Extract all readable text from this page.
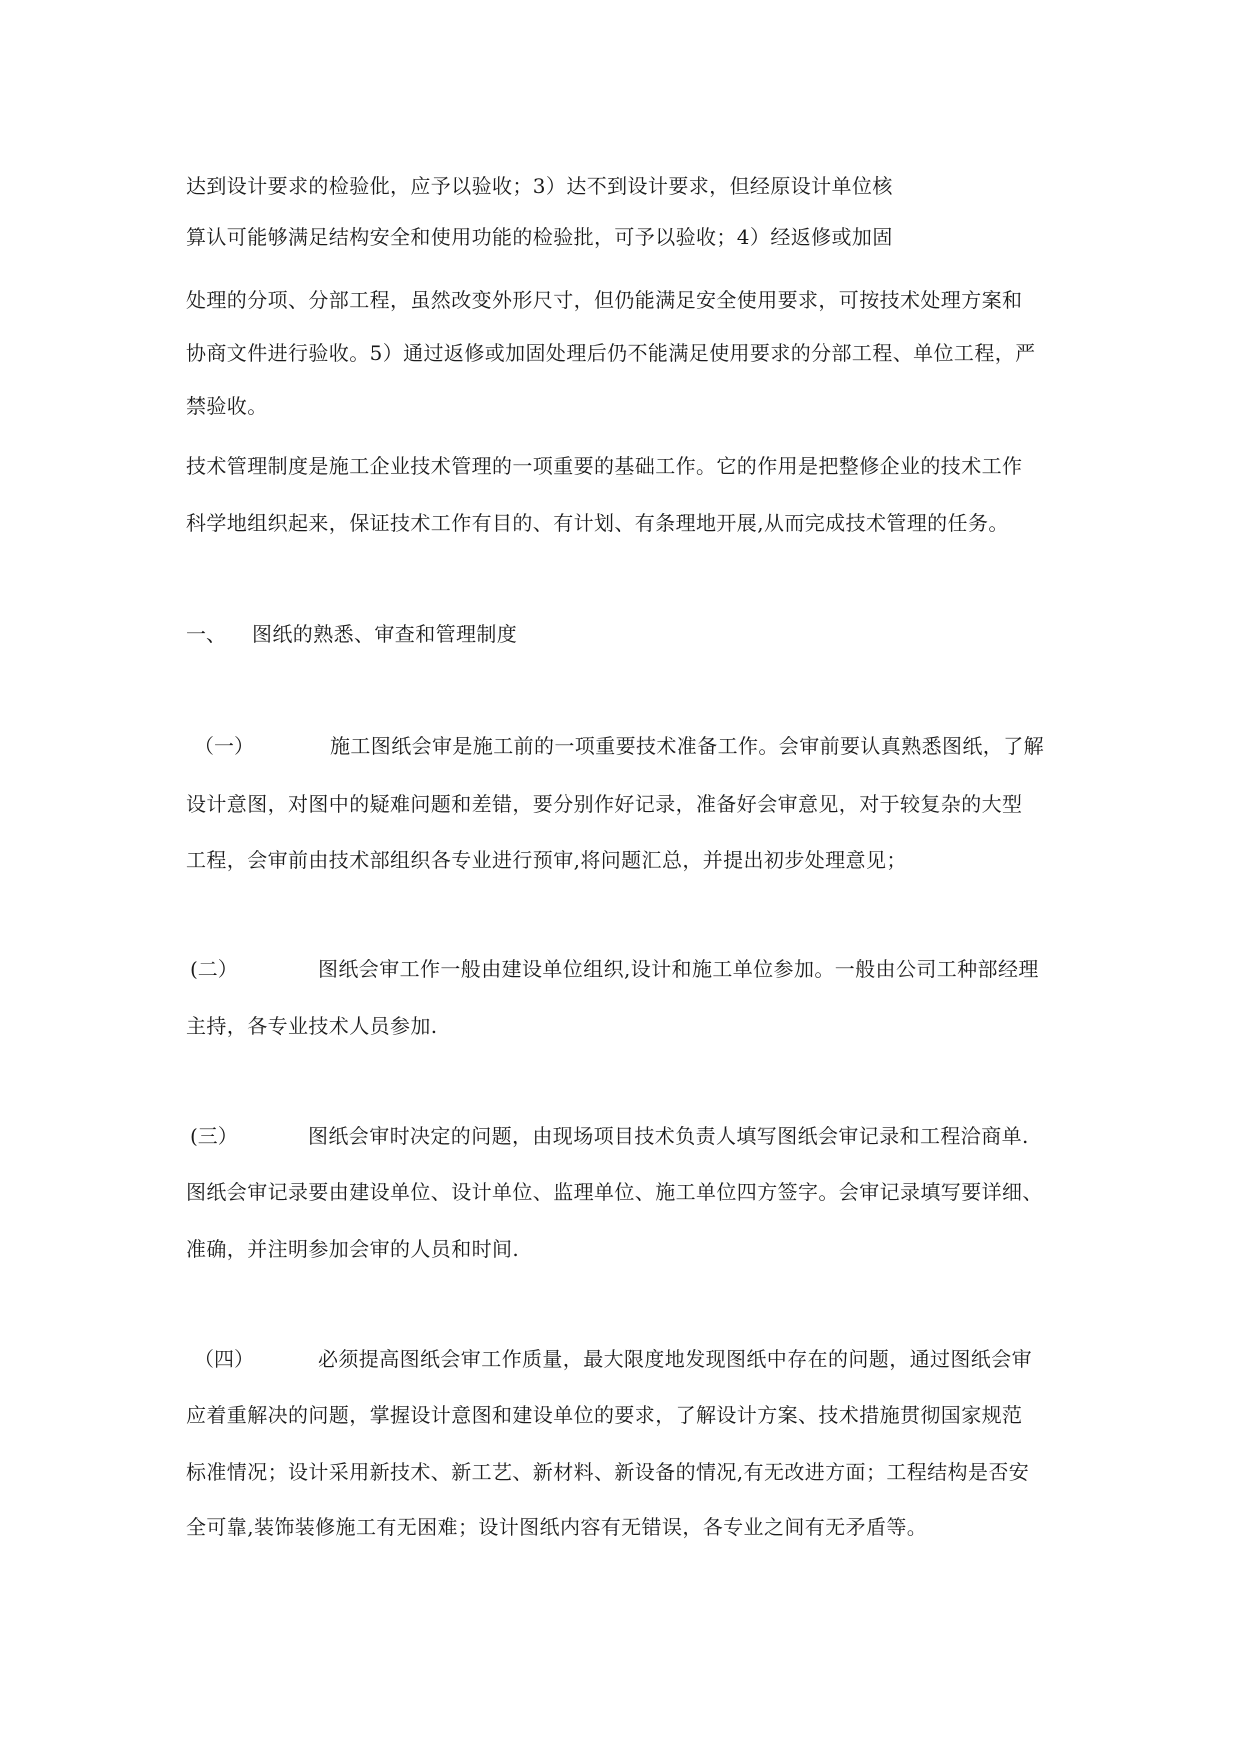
达到设计要求的检验仳，应予以验收；3）达不到设计要求，但经原设计单位核
算认可能够满足结构安全和使用功能的检验批，可予以验收；4）经返修或加固
处理的分项、分部工程，虽然改变外形尺寸，但仍能满足安全使用要求，可按技术处理方案和
协商文件进行验收。5）通过返修或加固处理后仍不能满足使用要求的分部工程、单位工程，严
禁验收。
技术管理制度是施工企业技术管理的一项重要的基础工作。它的作用是把整修企业的技术工作
科学地组织起来，保证技术工作有目的、有计划、有条理地开展,从而完成技术管理的任务。
一、 图纸的熟悉、审查和管理制度
（一）	施工图纸会审是施工前的一项重要技术准备工作。会审前要认真熟悉图纸，了解
设计意图，对图中的疑难问题和差错，要分别作好记录，准备好会审意见，对于较复杂的大型
工程，会审前由技术部组织各专业进行预审,将问题汇总，并提出初步处理意见；
(二）	图纸会审工作一般由建设单位组织,设计和施工单位参加。一般由公司工种部经理
主持，各专业技术人员参加.
(三）	图纸会审时决定的问题，由现场项目技术负责人填写图纸会审记录和工程洽商单.
图纸会审记录要由建设单位、设计单位、监理单位、施工单位四方签字。会审记录填写要详细、
准确，并注明参加会审的人员和时间.
（四）	必须提高图纸会审工作质量，最大限度地发现图纸中存在的问题，通过图纸会审
应着重解决的问题，掌握设计意图和建设单位的要求，了解设计方案、技术措施贯彻国家规范
标准情况；设计采用新技术、新工艺、新材料、新设备的情况,有无改进方面；工程结构是否安
全可靠,装饰装修施工有无困难；设计图纸内容有无错误，各专业之间有无矛盾等。
